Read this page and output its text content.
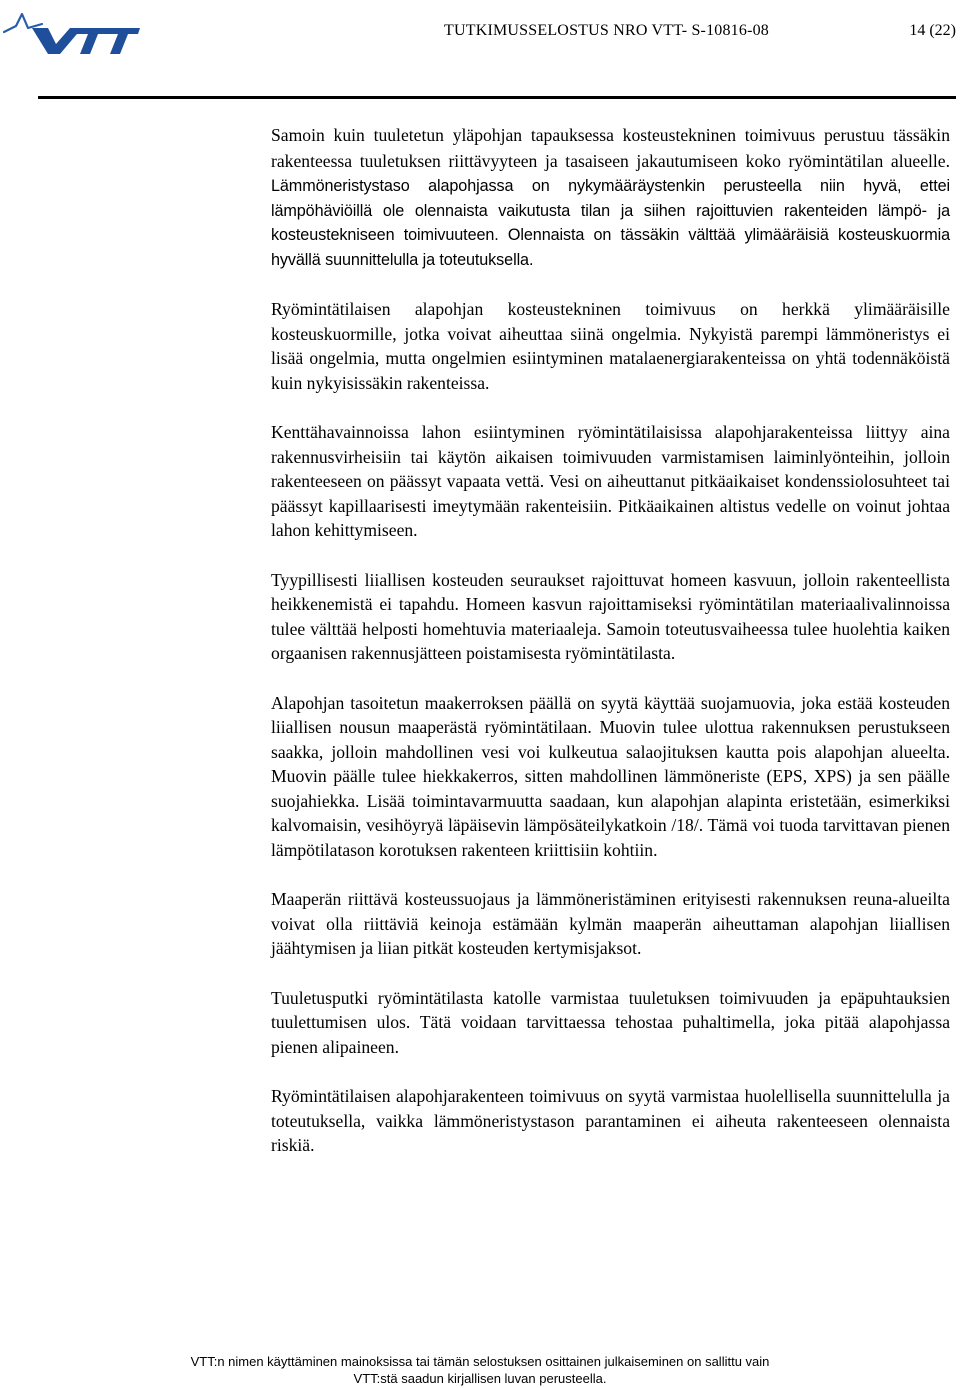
TUTKIMUSSELOSTUS NRO VTT- S-10816-08	14 (22)

Samoin kuin tuuletetun yläpohjan tapauksessa kosteustekninen toimivuus perustuu tässäkin rakenteessa tuuletuksen riittävyyteen ja tasaiseen jakautumiseen koko ryömintätilan alueelle. Lämmöneristystaso alapohjassa on nykymääräystenkin perusteella niin hyvä, ettei lämpöhäviöillä ole olennaista vaikutusta tilan ja siihen rajoittuvien rakenteiden lämpö- ja kosteustekniseen toimivuuteen. Olennaista on tässäkin välttää ylimääräisiä kosteuskuormia hyvällä suunnittelulla ja toteutuksella.

Ryömintätilaisen alapohjan kosteustekninen toimivuus on herkkä ylimääräisille kosteuskuormille, jotka voivat aiheuttaa siinä ongelmia. Nykyistä parempi lämmöneristys ei lisää ongelmia, mutta ongelmien esiintyminen matalaenergiarakenteissa on yhtä todennäköistä kuin nykyisissäkin rakenteissa.

Kenttähavainnoissa lahon esiintyminen ryömintätilaisissa alapohjarakenteissa liittyy aina rakennusvirheisiin tai käytön aikaisen toimivuuden varmistamisen laiminlyönteihin, jolloin rakenteeseen on päässyt vapaata vettä. Vesi on aiheuttanut pitkäaikaiset kondenssiolosuhteet tai päässyt kapillaarisesti imeytymään rakenteisiin. Pitkäaikainen altistus vedelle on voinut johtaa lahon kehittymiseen.

Tyypillisesti liiallisen kosteuden seuraukset rajoittuvat homeen kasvuun, jolloin rakenteellista heikkenemistä ei tapahdu. Homeen kasvun rajoittamiseksi ryömintätilan materiaalivalinnoissa tulee välttää helposti homehtuvia materiaaleja. Samoin toteutusvaiheessa tulee huolehtia kaiken orgaanisen rakennusjätteen poistamisesta ryömintätilasta.

Alapohjan tasoitetun maakerroksen päällä on syytä käyttää suojamuovia, joka estää kosteuden liiallisen nousun maaperästä ryömintätilaan. Muovin tulee ulottua rakennuksen perustukseen saakka, jolloin mahdollinen vesi voi kulkeutua salaojituksen kautta pois alapohjan alueelta. Muovin päälle tulee hiekkakerros, sitten mahdollinen lämmöneriste (EPS, XPS) ja sen päälle suojahiekka. Lisää toimintavarmuutta saadaan, kun alapohjan alapinta eristetään, esimerkiksi kalvomaisin, vesihöyryä läpäisevin lämpösäteilykatkoin /18/. Tämä voi tuoda tarvittavan pienen lämpötilatason korotuksen rakenteen kriittisiin kohtiin.

Maaperän riittävä kosteussuojaus ja lämmöneristäminen erityisesti rakennuksen reuna-alueilta voivat olla riittäviä keinoja estämään kylmän maaperän aiheuttaman alapohjan liiallisen jäähtymisen ja liian pitkät kosteuden kertymisjaksot.

Tuuletusputki ryömintätilasta katolle varmistaa tuuletuksen toimivuuden ja epäpuhtauksien tuulettumisen ulos. Tätä voidaan tarvittaessa tehostaa puhaltimella, joka pitää alapohjassa pienen alipaineen.

Ryömintätilaisen alapohjarakenteen toimivuus on syytä varmistaa huolellisella suunnittelulla ja toteutuksella, vaikka lämmöneristystason parantaminen ei aiheuta rakenteeseen olennaista riskiä.

VTT:n nimen käyttäminen mainoksissa tai tämän selostuksen osittainen julkaiseminen on sallittu vain
VTT:stä saadun kirjallisen luvan perusteella.
